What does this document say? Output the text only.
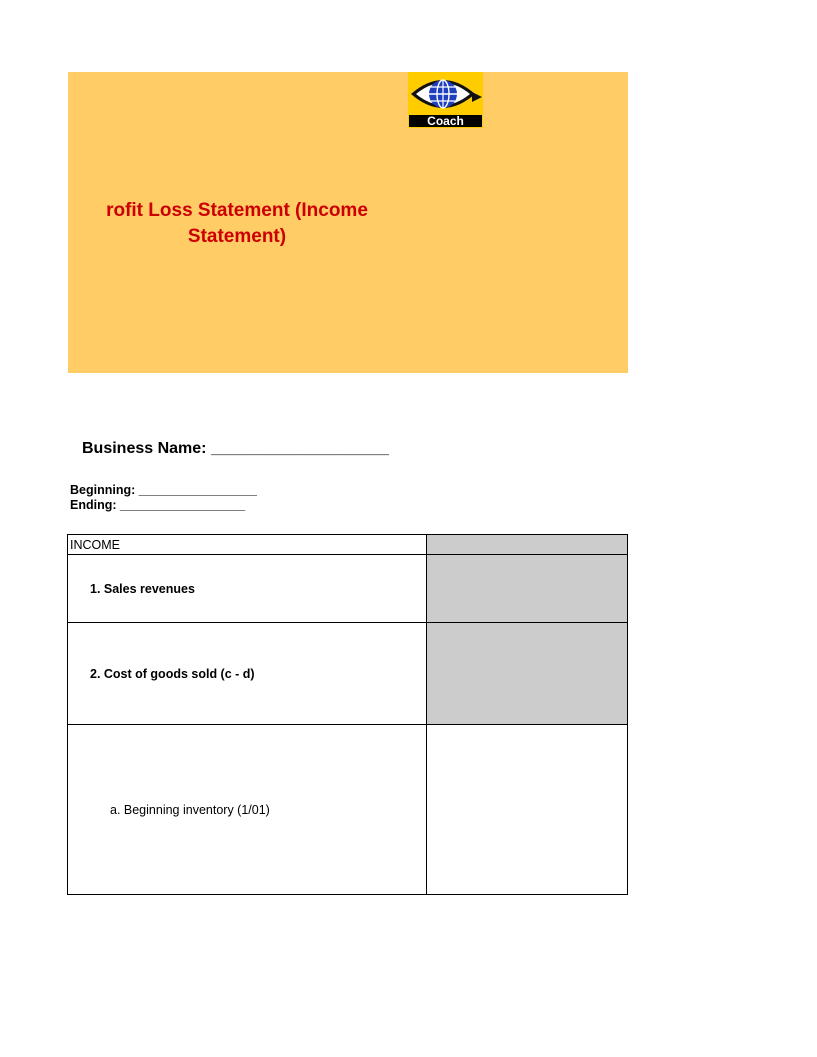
Coach
rofit Loss Statement (Income Statement)
Business Name: ____________________
Beginning: _________________
Ending: __________________
INCOME	
1. Sales revenues	
2. Cost of goods sold (c - d)	
a. Beginning inventory (1/01)	
